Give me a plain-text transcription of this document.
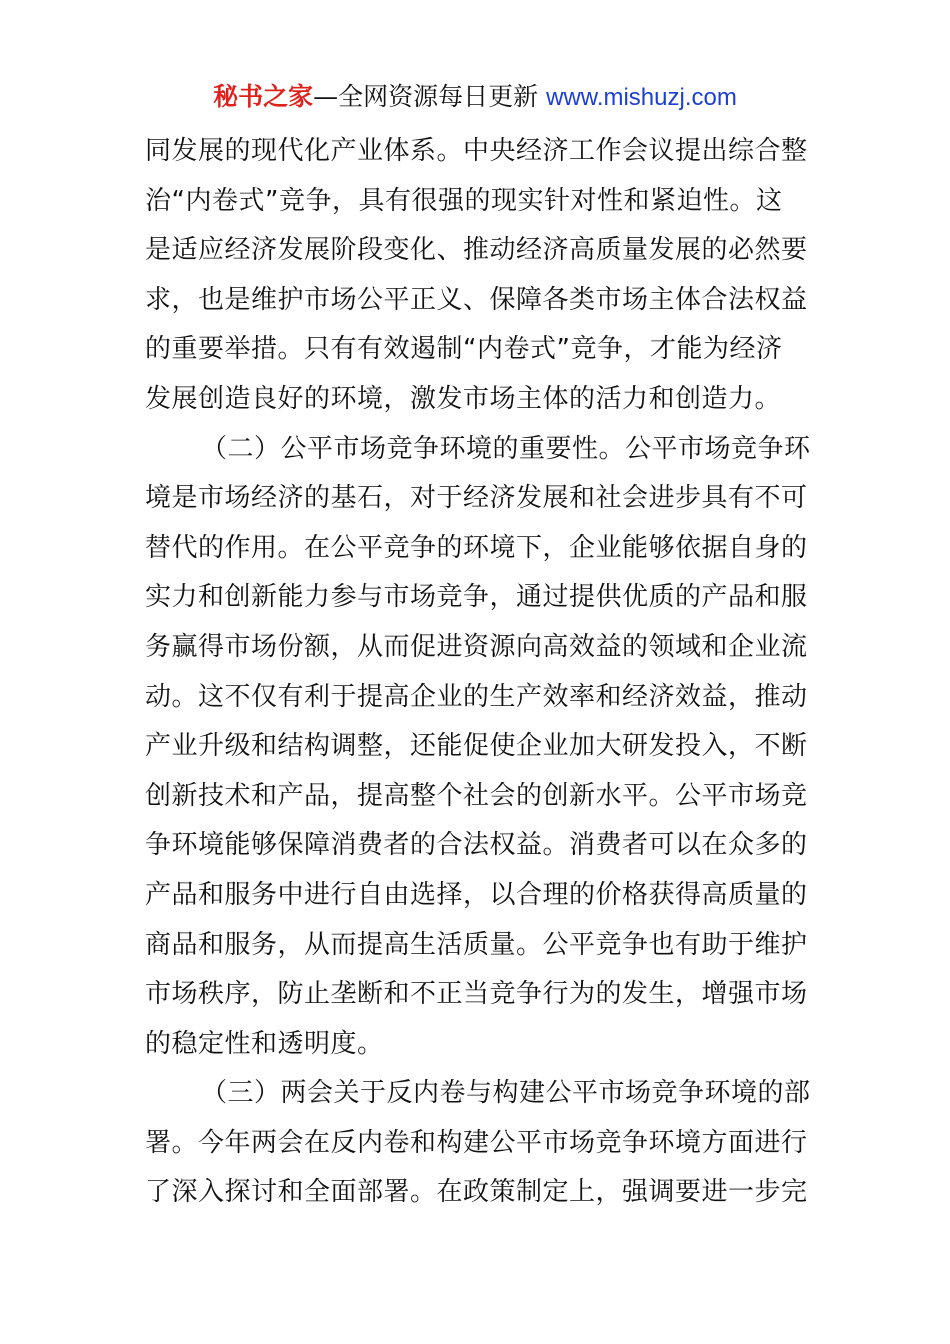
秘书之家—全网资源每日更新 www.mishuzj.com
同发展的现代化产业体系。中央经济工作会议提出综合整
治“内卷式”竞争，具有很强的现实针对性和紧迫性。这
是适应经济发展阶段变化、推动经济高质量发展的必然要
求，也是维护市场公平正义、保障各类市场主体合法权益
的重要举措。只有有效遏制“内卷式”竞争，才能为经济
发展创造良好的环境，激发市场主体的活力和创造力。
（二）公平市场竞争环境的重要性。公平市场竞争环
境是市场经济的基石，对于经济发展和社会进步具有不可
替代的作用。在公平竞争的环境下，企业能够依据自身的
实力和创新能力参与市场竞争，通过提供优质的产品和服
务赢得市场份额，从而促进资源向高效益的领域和企业流
动。这不仅有利于提高企业的生产效率和经济效益，推动
产业升级和结构调整，还能促使企业加大研发投入，不断
创新技术和产品，提高整个社会的创新水平。公平市场竞
争环境能够保障消费者的合法权益。消费者可以在众多的
产品和服务中进行自由选择，以合理的价格获得高质量的
商品和服务，从而提高生活质量。公平竞争也有助于维护
市场秩序，防止垄断和不正当竞争行为的发生，增强市场
的稳定性和透明度。
（三）两会关于反内卷与构建公平市场竞争环境的部
署。今年两会在反内卷和构建公平市场竞争环境方面进行
了深入探讨和全面部署。在政策制定上，强调要进一步完
